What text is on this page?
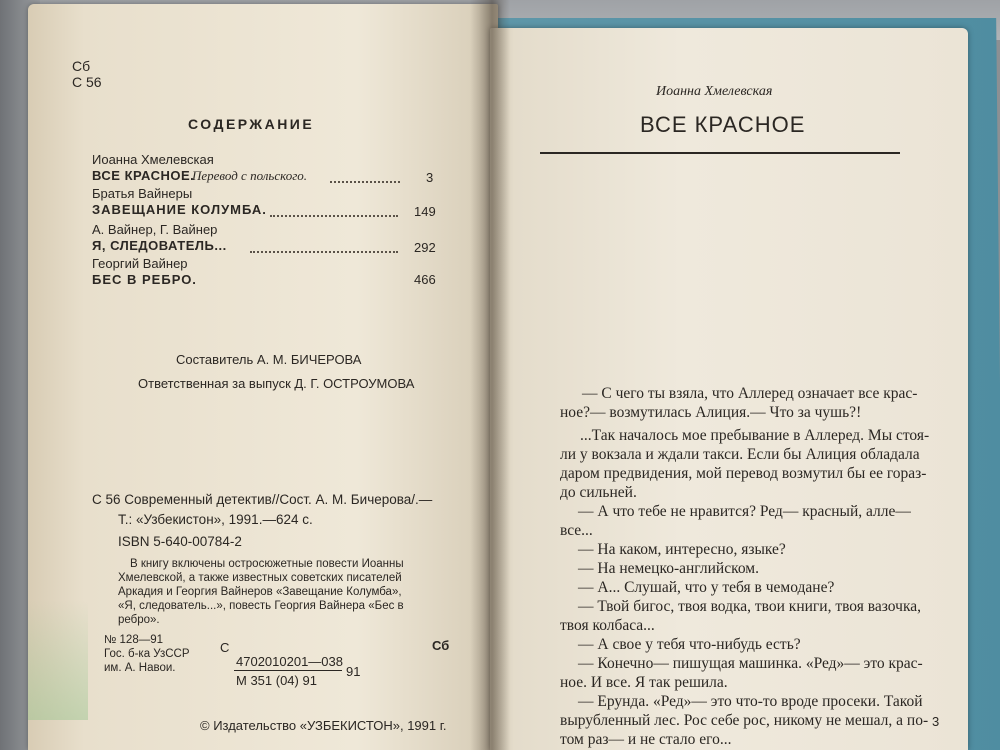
Сб
С 56
СОДЕРЖАНИЕ
Иоанна Хмелевская
ВСЕ КРАСНОЕ.
Перевод с польского.	3
Братья Вайнеры
ЗАВЕЩАНИЕ КОЛУМБА.	149
А. Вайнер, Г. Вайнер
Я, СЛЕДОВАТЕЛЬ...	292
Георгий Вайнер
БЕС В РЕБРО.	466
Составитель А. М. БИЧЕРОВА
Ответственная за выпуск Д. Г. ОСТРОУМОВА
С 56 Современный детектив//Сост. А. М. Бичерова/.—
Т.: «Узбекистон», 1991.—624 с.
ISBN 5-640-00784-2
В книгу включены остросюжетные повести Иоанны
Хмелевской, а также известных советских писателей
Аркадия и Георгия Вайнеров «Завещание Колумба»,
«Я, следователь...», повесть Георгия Вайнера «Бес в
ребро».
№ 128—91
Гос. б-ка УзССР
им. А. Навои.
С
4702010201—038
М 351 (04) 91
91
Сб
© Издательство «УЗБЕКИСТОН», 1991 г.
Иоанна Хмелевская
ВСЕ КРАСНОЕ
— С чего ты взяла, что Аллеред означает все крас-
ное?— возмутилась Алиция.— Что за чушь?!
...Так началось мое пребывание в Аллеред. Мы стоя-
ли у вокзала и ждали такси. Если бы Алиция обладала
даром предвидения, мой перевод возмутил бы ее гораз-
до сильней.
— А что тебе не нравится? Ред— красный, алле—
все...
— На каком, интересно, языке?
— На немецко-английском.
— А... Слушай, что у тебя в чемодане?
— Твой бигос, твоя водка, твои книги, твоя вазочка,
твоя колбаса...
— А свое у тебя что-нибудь есть?
— Конечно— пишущая машинка. «Ред»— это крас-
ное. И все. Я так решила.
— Ерунда. «Ред»— это что-то вроде просеки. Такой
вырубленный лес. Рос себе рос, никому не мешал, а по-
том раз— и не стало его...
3
